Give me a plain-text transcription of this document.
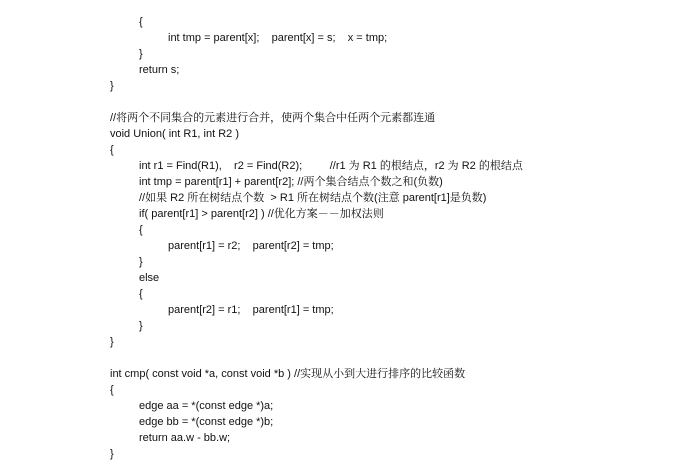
{
int tmp = parent[x];    parent[x] = s;    x = tmp;
}
return s;
}
//将两个不同集合的元素进行合并，使两个集合中任两个元素都连通
void Union( int R1, int R2 )
{
int r1 = Find(R1),    r2 = Find(R2);         //r1 为 R1 的根结点，r2 为 R2 的根结点
int tmp = parent[r1] + parent[r2]; //两个集合结点个数之和(负数)
//如果 R2 所在树结点个数  > R1 所在树结点个数(注意 parent[r1]是负数)
if( parent[r1] > parent[r2] ) //优化方案－－加权法则
{
parent[r1] = r2;    parent[r2] = tmp;
}
else
{
parent[r2] = r1;    parent[r1] = tmp;
}
}
int cmp( const void *a, const void *b ) //实现从小到大进行排序的比较函数
{
edge aa = *(const edge *)a;
edge bb = *(const edge *)b;
return aa.w - bb.w;
}
